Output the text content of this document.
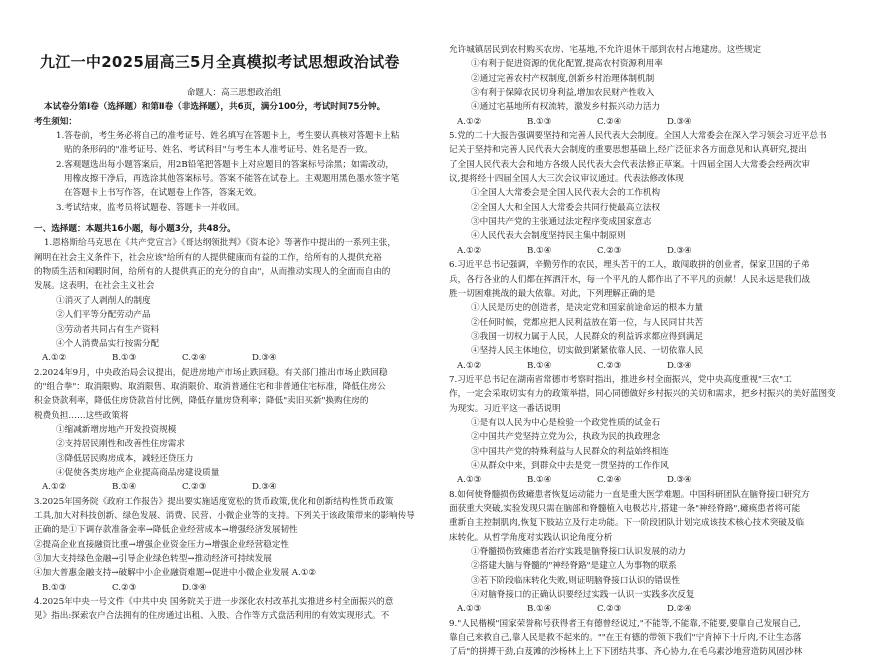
九江一中2025届高三5月全真模拟考试思想政治试卷
命题人：高三思想政治组
本试卷分第Ⅰ卷（选择题）和第Ⅱ卷（非选择题），共6页，满分100分，考试时间75分钟。
考生须知：
1.答卷前，考生务必将自己的准考证号、姓名填写在答题卡上，考生要认真核对答题卡上粘
贴的条形码的"准考证号、姓名、考试科目"与考生本人准考证号、姓名是否一致。
2.客观题选出每小题答案后，用2B铅笔把答题卡上对应题目的答案标号涂黑；如需改动，
用橡皮擦干净后，再选涂其他答案标号。答案不能答在试卷上。主观题用黑色墨水签字笔
在答题卡上书写作答，在试题卷上作答，答案无效。
3.考试结束，监考员将试题卷、答题卡一并收回。
一、选择题：本题共16小题，每小题3分，共48分。
1.恩格斯给马克思在《共产党宣言》《哥达纲领批判》《资本论》等著作中提出的一系列主张，
阐明在社会主义条件下，社会应该"给所有的人提供健康而有益的工作，给所有的人提供充裕
的物质生活和闲暇时间，给所有的人提供真正的充分的自由"，从而推动实现人的全面而自由的
发展。这表明，在社会主义社会
①消灭了人剥削人的制度
②人们平等分配劳动产品
③劳动者共同占有生产资料
④个人消费品实行按需分配
A.①②	B.①③	C.②④	D.③④
2.2024年9月，中央政治局会议提出，促进房地产市场止跌回稳。有关部门推出市场止跌回稳
的"组合拳"：取消限购、取消限售、取消限价、取消普通住宅和非普通住宅标准，降低住房公
积金贷款利率，降低住房贷款首付比例，降低存量房贷利率；降低"卖旧买新"换购住房的
税费负担……这些政策将
①缩减新增房地产开发投资规模
②支持居民刚性和改善性住房需求
③降低居民购房成本，减轻还贷压力
④促使各类房地产企业提高商品房建设质量
A.①②	B.①④	C.②③	D.③④
3.2025年国务院《政府工作报告》提出要实施适度宽松的货币政策,优化和创新结构性货币政策
工具,加大对科技创新、绿色发展、消费、民营、小微企业等的支持。下列关于该政策带来的影响传导
正确的是①下调存款准备金率→降低企业经营成本→增强经济发展韧性
②提高企业直接融资比重→增强企业资金压力→增强企业经营稳定性
③加大支持绿色金融→引导企业绿色转型→推动经济可持续发展
④加大普惠金融支持→破解中小企业融资难题→促进中小微企业发展 A.①②
B.①③	C.②③	D.③④
4.2025年中央一号文件《中共中央 国务院关于进一步深化农村改革扎实推进乡村全面振兴的意
见》指出:探索农户合法拥有的住房通过出租、入股、合作等方式盘活利用的有效实现形式。不
允许城镇居民到农村购买农房、宅基地,不允许退休干部到农村占地建房。这些规定
①有利于促进资源的优化配置,提高农村资源利用率
②通过完善农村产权制度,创新乡村治理体制机制
③有利于保障农民切身利益,增加农民财产性收入
④通过宅基地所有权流转，激发乡村振兴动力活力
A.①②	B.①③	C.②④	D.③④
5.党的二十大报告强调要坚持和完善人民代表大会制度。全国人大常委会在深入学习领会习近平总书
记关于坚持和完善人民代表大会制度的重要思想基础上,经广泛征求各方面意见和认真研究,提出
了全国人民代表大会和地方各级人民代表大会代表法修正草案。十四届全国人大常委会经两次审
议,提将经十四届全国人大三次会议审议通过。代表法修改体现
①全国人大常委会是全国人民代表大会的工作机构
②全国人大和全国人大常委会共同行使最高立法权
③中国共产党的主张通过法定程序变成国家意志
④人民代表大会制度坚持民主集中制原则
A.①②	B.①④	C.②③	D.③④
6.习近平总书记强调，辛勤劳作的农民，埋头苦干的工人，敢闯敢拼的创业者，保家卫国的子弟
兵，各行各业的人们都在挥洒汗水，每一个平凡的人都作出了不平凡的贡献！人民永远是我们战
胜一切困难挑战的最大依靠。对此，下列理解正确的是
①人民是历史的创造者，是决定党和国家前途命运的根本力量
②任何时候，党都应把人民利益放在第一位，与人民同甘共苦
③我国一切权力属于人民，人民群众的利益诉求都应得到满足
④坚持人民主体地位，切实做到紧紧依靠人民、一切依靠人民
A.①②	B.①④	C.②③	D.③④
7.习近平总书记在湖南省常德市考察时指出，推进乡村全面振兴，党中央高度重视"三农"工
作，一定会采取切实有力的政策举措，同心同德做好乡村振兴的关切和需求，把乡村振兴的美好蓝图变
为现实。习近平这一番话说明
①是有以人民为中心是检验一个政党性质的试金石
②中国共产党坚持立党为公，执政为民的执政理念
③中国共产党的特殊利益与人民群众的利益始终相连
④从群众中来，到群众中去是党一贯坚持的工作作风
A.①③	B.①④	C.②④	D.③④
8.如何使脊髓损伤致瘫患者恢复运动能力一直是重大医学难题。中国科研团队在脑脊接口研究方
面获重大突破,实验发现只需在脑部和脊髓植入电极芯片,搭建一条"神经脊路",瘫痪患者将可能
重新自主控制肌肉,恢复下肢站立及行走功能。下一阶段团队计划完成该技术核心技术突破及临
床转化。从哲学角度对实践认识论角度分析
①脊髓损伤致瘫患者治疗实践是脑脊接口认识发展的动力
②搭建大脑与脊髓的"神经脊路"是建立人为事物的联系
③若下阶段临床转化失败,则证明脑脊接口认识的错误性
④对脑脊接口的正确认识要经过实践一认识一实践多次反复
A.①③	B.①④	C.②③	D.②④
9."人民楷模"国家荣誉称号获得者王有德曾经说过,"不能等,不能靠,不能要,要靠自己发展自己,
靠自己来救自己,靠人民是救不起来的。""在王有德的带领下我们"宁肯掉下十斤肉,不让生态落
了后"的拼搏干劲,白芨滩的沙杨林上上下下团结共事、齐心协力,在毛乌素沙地营造防风固沙林
